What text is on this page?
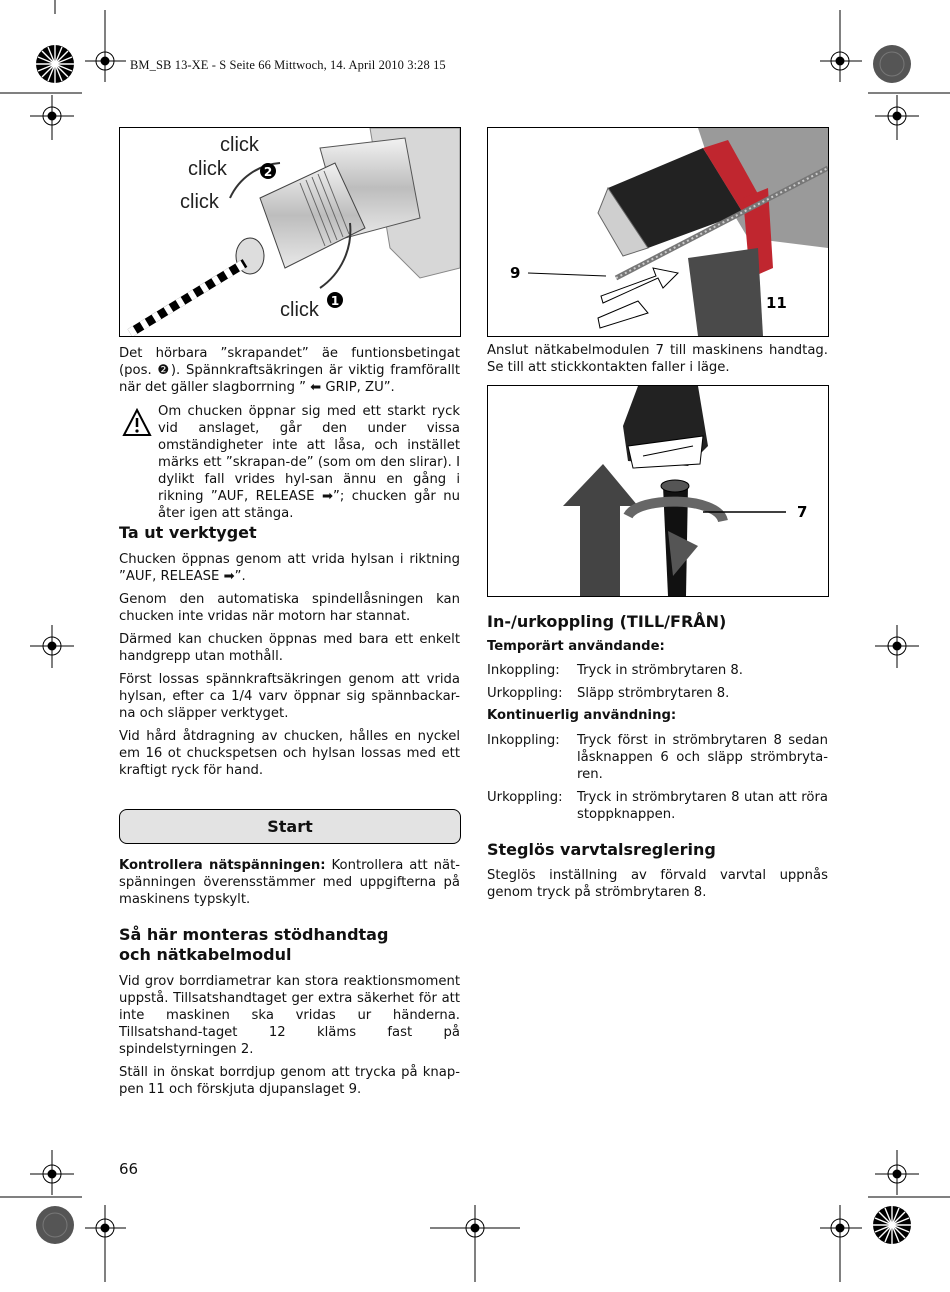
BM_SB 13-XE - S Seite 66 Mittwoch, 14. April 2010 3:28 15
click
click
click
click
2
1
Det hörbara ”skrapandet” äe funtionsbetingat (pos. ❷). Spännkraftsäkringen är viktig framförallt när det gäller slagborrning ” ⬅ GRIP, ZU”.
Om chucken öppnar sig med ett starkt ryck vid anslaget, går den under vissa omständigheter inte att låsa, och instället märks ett ”skrapan-de” (som om den slirar). I dylikt fall vrides hyl-san ännu en gång i rikning ”AUF, RELEASE ➡”; chucken går nu åter igen att stänga.
Ta ut verktyget

Chucken öppnas genom att vrida hylsan i riktning ”AUF, RELEASE ➡”.

Genom den automatiska spindellåsningen kan chucken inte vridas när motorn har stannat.

Därmed kan chucken öppnas med bara ett enkelt handgrepp utan mothåll.

Först lossas spännkraftsäkringen genom att vrida hylsan, efter ca 1/4 varv öppnar sig spännbackar-na och släpper verktyget.

Vid hård åtdragning av chucken, hålles en nyckel em 16 ot chuckspetsen och hylsan lossas med ett kraftigt ryck för hand.

Start
Kontrollera nätspänningen: Kontrollera att nät-spänningen överensstämmer med uppgifterna på maskinens typskylt.
Så här monteras stödhandtag och nätkabelmodul

Vid grov borrdiametrar kan stora reaktionsmoment uppstå. Tillsatshandtaget ger extra säkerhet för att inte maskinen ska vridas ur händerna. Tillsatshand-taget 12 kläms fast på spindelstyrningen 2.

Ställ in önskat borrdjup genom att trycka på knap-pen 11 och förskjuta djupanslaget 9.

9
11
Anslut nätkabelmodulen 7 till maskinens handtag. Se till att stickkontakten faller i läge.
7
In-/urkoppling (TILL/FRÅN)
Temporärt användande:
Inkoppling:	Tryck in strömbrytaren 8.
Urkoppling:	Släpp strömbrytaren 8.
Kontinuerlig användning:
Inkoppling:	Tryck först in strömbrytaren 8 sedan låsknappen 6 och släpp strömbryta-ren.
Urkoppling:	Tryck in strömbrytaren 8 utan att röra stoppknappen.
Steglös varvtalsreglering
Steglös inställning av förvald varvtal uppnås genom tryck på strömbrytaren 8.
66
